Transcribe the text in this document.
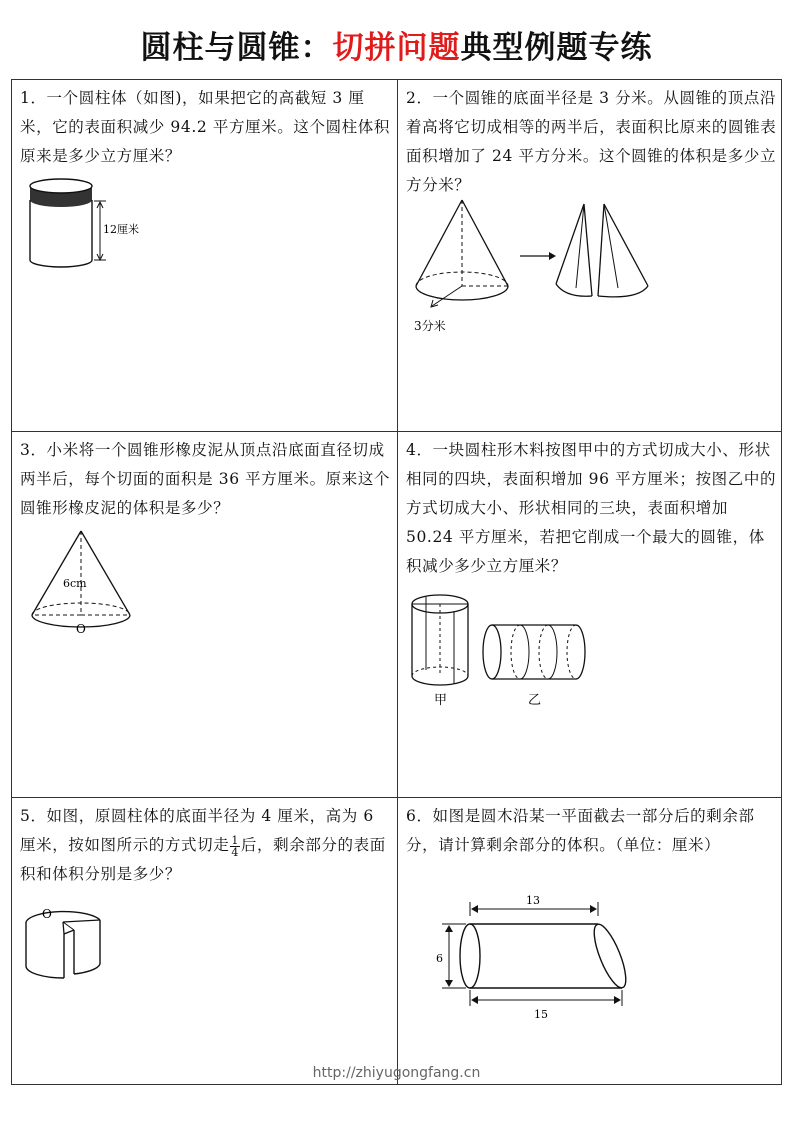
圆柱与圆锥：切拼问题典型例题专练
1．一个圆柱体（如图)，如果把它的高截短 3 厘米，它的表面积减少 94.2 平方厘米。这个圆柱体积原来是多少立方厘米？
12厘米
2．一个圆锥的底面半径是 3 分米。从圆锥的顶点沿着高将它切成相等的两半后，表面积比原来的圆锥表面积增加了 24 平方分米。这个圆锥的体积是多少立方分米？
3分米
3．小米将一个圆锥形橡皮泥从顶点沿底面直径切成两半后，每个切面的面积是 36 平方厘米。原来这个圆锥形橡皮泥的体积是多少？
6cm
O
4．一块圆柱形木料按图甲中的方式切成大小、形状相同的四块，表面积增加 96 平方厘米；按图乙中的方式切成大小、形状相同的三块，表面积增加 50.24 平方厘米，若把它削成一个最大的圆锥，体积减少多少立方厘米？
甲	乙
5．如图，原圆柱体的底面半径为 4 厘米，高为 6 厘米，按如图所示的方式切走 $\frac{1}{4}$ 后，剩余部分的表面积和体积分别是多少？
O
6．如图是圆木沿某一平面截去一部分后的剩余部分，请计算剩余部分的体积。（单位：厘米）
13
6
15
http://zhiyugongfang.cn
